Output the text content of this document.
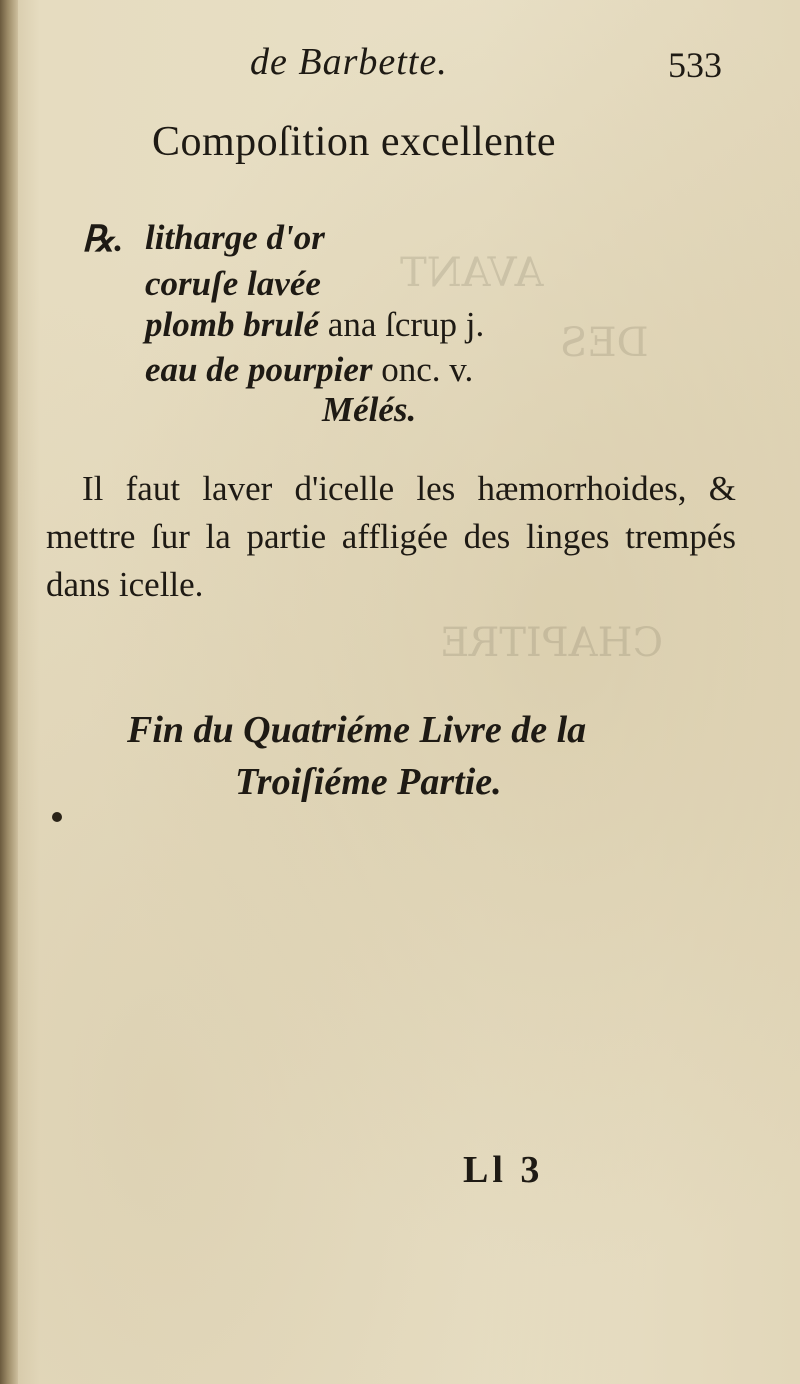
AVANT
DES
CHAPITRE
de Barbette.	533
Compoſition excellente
℞. litharge d'or
coruſe lavée
plomb brulé ana ſcrup j.
eau de pourpier onc. v.
Mélés.

Il faut laver d'icelle les hæmorrhoides, & mettre ſur la partie affligée des linges trempés dans icelle.

Fin du Quatriéme Livre de la
Troiſiéme Partie.
Ll 3
